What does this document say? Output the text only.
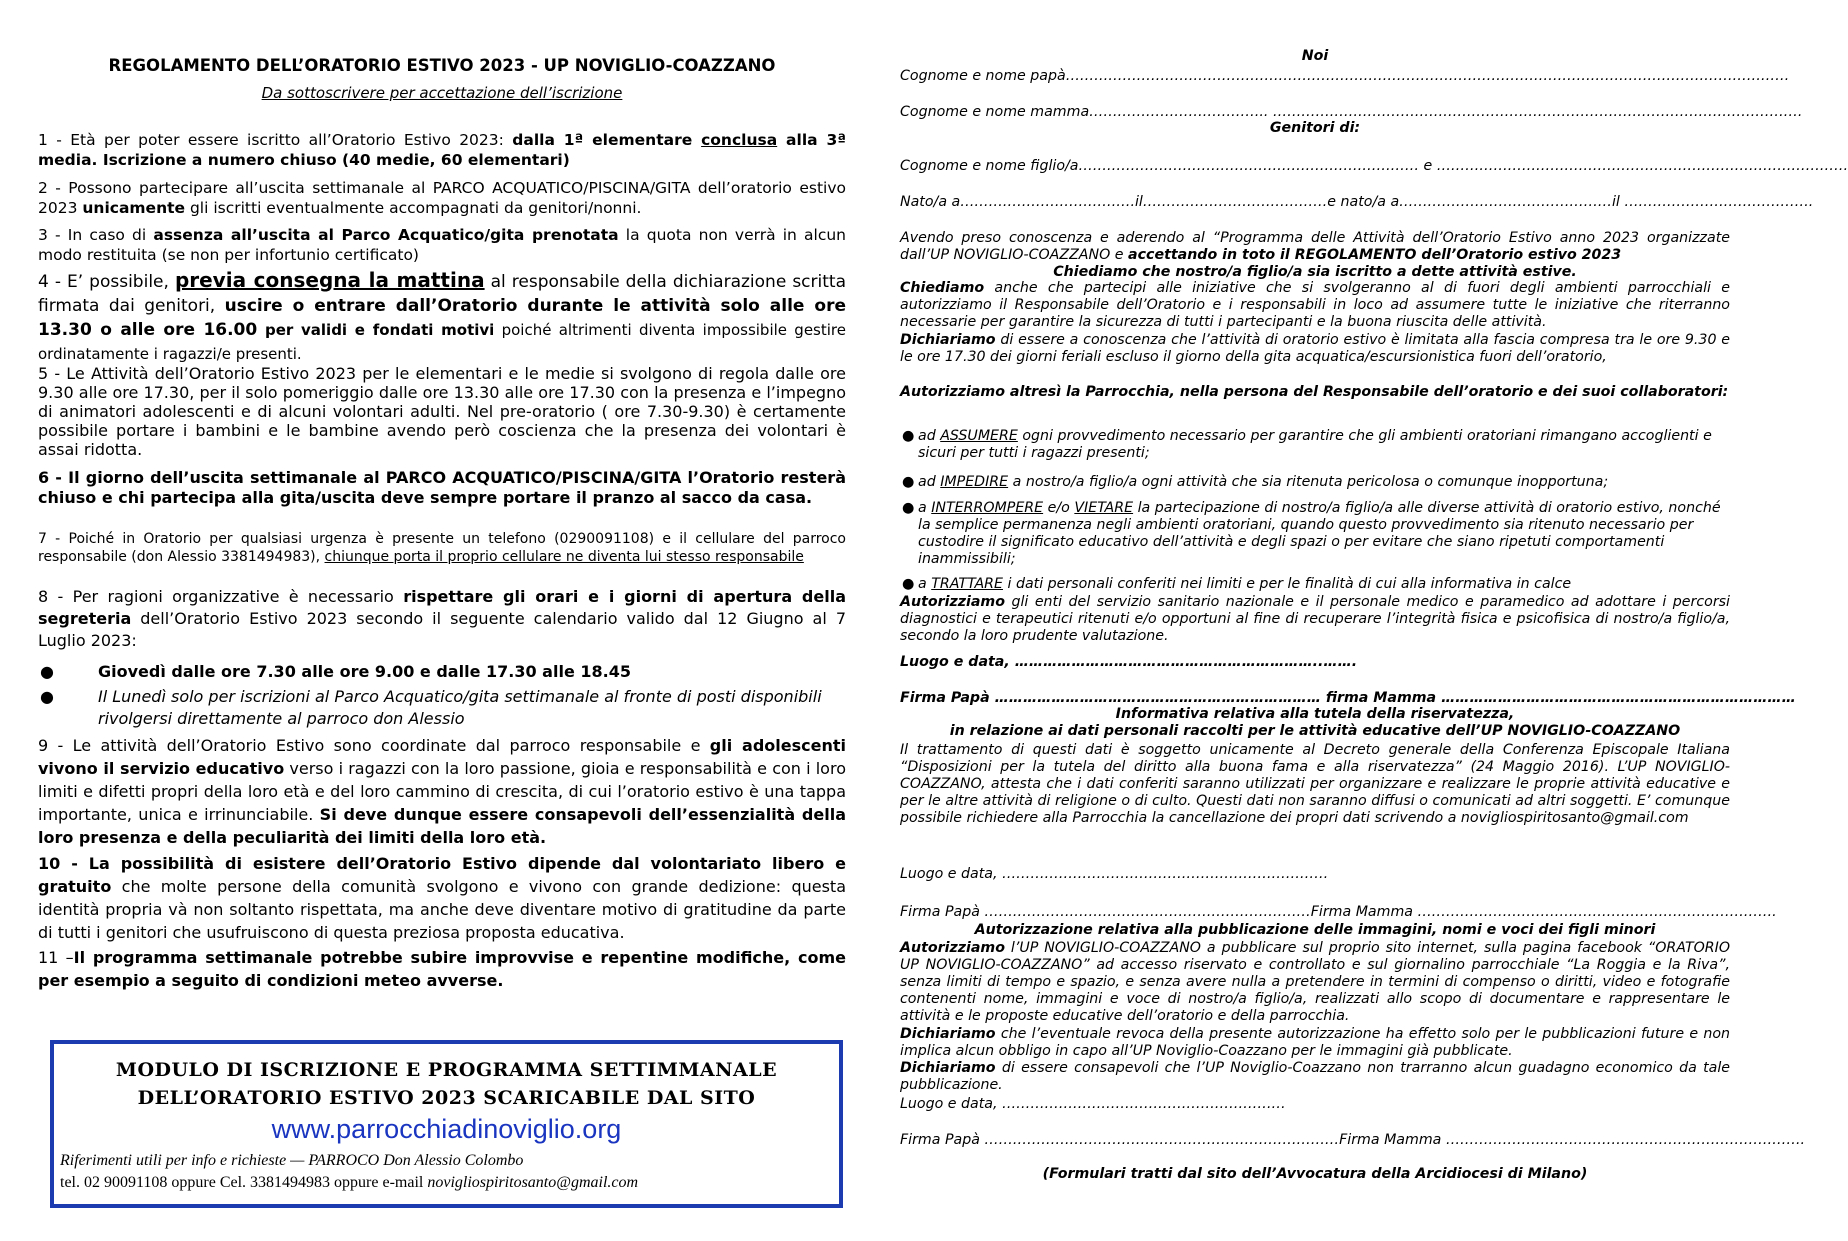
REGOLAMENTO DELL’ORATORIO ESTIVO 2023 - UP NOVIGLIO-COAZZANO
Da sottoscrivere per accettazione dell’iscrizione
1 - Età per poter essere iscritto all’Oratorio Estivo 2023: dalla 1ª elementare conclusa alla 3ª media. Iscrizione a numero chiuso (40 medie, 60 elementari)
2 - Possono partecipare all’uscita settimanale al PARCO ACQUATICO/PISCINA/GITA dell’oratorio estivo 2023 unicamente gli iscritti eventualmente accompagnati da genitori/nonni.
3 - In caso di assenza all’uscita al Parco Acquatico/gita prenotata la quota non verrà in alcun modo restituita (se non per infortunio certificato)
4 - E’ possibile, previa consegna la mattina al responsabile della dichiarazione scritta firmata dai genitori, uscire o entrare dall’Oratorio durante le attività solo alle ore 13.30 o alle ore 16.00 per validi e fondati motivi poiché altrimenti diventa impossibile gestire ordinatamente i ragazzi/e presenti.
5 - Le Attività dell’Oratorio Estivo 2023 per le elementari e le medie si svolgono di regola dalle ore 9.30 alle ore 17.30, per il solo pomeriggio dalle ore 13.30 alle ore 17.30 con la presenza e l’impegno di animatori adolescenti e di alcuni volontari adulti. Nel pre-oratorio ( ore 7.30-9.30) è certamente possibile portare i bambini e le bambine avendo però coscienza che la presenza dei volontari è assai ridotta.
6 - Il giorno dell’uscita settimanale al PARCO ACQUATICO/PISCINA/GITA l’Oratorio resterà chiuso e chi partecipa alla gita/uscita deve sempre portare il pranzo al sacco da casa.
7 - Poiché in Oratorio per qualsiasi urgenza è presente un telefono (0290091108) e il cellulare del parroco responsabile (don Alessio 3381494983), chiunque porta il proprio cellulare ne diventa lui stesso responsabile
8 - Per ragioni organizzative è necessario rispettare gli orari e i giorni di apertura della segreteria dell’Oratorio Estivo 2023 secondo il seguente calendario valido dal 12 Giugno al 7 Luglio 2023:
●	Giovedì dalle ore 7.30 alle ore 9.00 e dalle 17.30 alle 18.45
●	Il Lunedì solo per iscrizioni al Parco Acquatico/gita settimanale al fronte di posti disponibili rivolgersi direttamente al parroco don Alessio
9 - Le attività dell’Oratorio Estivo sono coordinate dal parroco responsabile e gli adolescenti vivono il servizio educativo verso i ragazzi con la loro passione, gioia e responsabilità e con i loro limiti e difetti propri della loro età e del loro cammino di crescita, di cui l’oratorio estivo è una tappa importante, unica e irrinunciabile. Si deve dunque essere consapevoli dell’essenzialità della loro presenza e della peculiarità dei limiti della loro età.
10 - La possibilità di esistere dell’Oratorio Estivo dipende dal volontariato libero e gratuito che molte persone della comunità svolgono e vivono con grande dedizione: questa identità propria và non soltanto rispettata, ma anche deve diventare motivo di gratitudine da parte di tutti i genitori che usufruiscono di questa preziosa proposta educativa.
11 –Il programma settimanale potrebbe subire improvvise e repentine modifiche, come per esempio a seguito di condizioni meteo avverse.
MODULO DI ISCRIZIONE E PROGRAMMA SETTIMMANALE
DELL’ORATORIO ESTIVO 2023 SCARICABILE DAL SITO
www.parrocchiadinoviglio.org
Riferimenti utili per info e richieste — PARROCO Don Alessio Colombo
tel. 02 90091108 oppure Cel. 3381494983 oppure e-mail novigliospiritosanto@gmail.com
Noi
Cognome e nome papà………………………………………………………………………………………………………………………………………
Cognome e nome mamma……………………………….. ………………………………………………………………………………………………….
Genitori di:
Cognome e nome figlio/a……………………………………………………………… e ……………………………………………………………………………
Nato/a a……………………………….il…………………………………e nato/a a………………………………………il ………………………………….
Avendo preso conoscenza e aderendo al “Programma delle Attività dell’Oratorio Estivo anno 2023 organizzate dall’UP NOVIGLIO-COAZZANO e accettando in toto il REGOLAMENTO dell’Oratorio estivo 2023
Chiediamo che nostro/a figlio/a sia iscritto a dette attività estive.
Chiediamo anche che partecipi alle iniziative che si svolgeranno al di fuori degli ambienti parrocchiali e autorizziamo il Responsabile dell’Oratorio e i responsabili in loco ad assumere tutte le iniziative che riterranno necessarie per garantire la sicurezza di tutti i partecipanti e la buona riuscita delle attività.
Dichiariamo di essere a conoscenza che l’attività di oratorio estivo è limitata alla fascia compresa tra le ore 9.30 e le ore 17.30 dei giorni feriali escluso il giorno della gita acquatica/escursionistica fuori dell’oratorio,
Autorizziamo altresì la Parrocchia, nella persona del Responsabile dell’oratorio e dei suoi collaboratori:
● ad ASSUMERE ogni provvedimento necessario per garantire che gli ambienti oratoriani rimangano accoglienti e sicuri per tutti i ragazzi presenti;
● ad IMPEDIRE a nostro/a figlio/a ogni attività che sia ritenuta pericolosa o comunque inopportuna;
● a INTERROMPERE e/o VIETARE la partecipazione di nostro/a figlio/a alle diverse attività di oratorio estivo, nonché la semplice permanenza negli ambienti oratoriani, quando questo provvedimento sia ritenuto necessario per custodire il significato educativo dell’attività e degli spazi o per evitare che siano ripetuti comportamenti inammissibili;
● a TRATTARE i dati personali conferiti nei limiti e per le finalità di cui alla informativa in calce
Autorizziamo gli enti del servizio sanitario nazionale e il personale medico e paramedico ad adottare i percorsi diagnostici e terapeutici ritenuti e/o opportuni al fine di recuperare l’integrità fisica e psicofisica di nostro/a figlio/a, secondo la loro prudente valutazione.
Luogo e data, ………………………………………………………..…….
Firma Papà …………………………………………………………… firma Mamma …………………………………………………………………
Informativa relativa alla tutela della riservatezza,
in relazione ai dati personali raccolti per le attività educative dell’UP NOVIGLIO-COAZZANO
Il trattamento di questi dati è soggetto unicamente al Decreto generale della Conferenza Episcopale Italiana “Disposizioni per la tutela del diritto alla buona fama e alla riservatezza” (24 Maggio 2016). L’UP NOVIGLIO-COAZZANO, attesta che i dati conferiti saranno utilizzati per organizzare e realizzare le proprie attività educative e per le altre attività di religione o di culto. Questi dati non saranno diffusi o comunicati ad altri soggetti. E’ comunque possibile richiedere alla Parrocchia la cancellazione dei propri dati scrivendo a novigliospiritosanto@gmail.com
Luogo e data, ……………………………………………………………
Firma Papà ……………………………………………………………Firma Mamma ………………………………………………………………….
Autorizzazione relativa alla pubblicazione delle immagini, nomi e voci dei figli minori
Autorizziamo l’UP NOVIGLIO-COAZZANO a pubblicare sul proprio sito internet, sulla pagina facebook “ORATORIO UP NOVIGLIO-COAZZANO” ad accesso riservato e controllato e sul giornalino parrocchiale “La Roggia e la Riva”, senza limiti di tempo e spazio, e senza avere nulla a pretendere in termini di compenso o diritti, video e fotografie contenenti nome, immagini e voce di nostro/a figlio/a, realizzati allo scopo di documentare e rappresentare le attività e le proposte educative dell’oratorio e della parrocchia.
Dichiariamo che l’eventuale revoca della presente autorizzazione ha effetto solo per le pubblicazioni future e non implica alcun obbligo in capo all’UP Noviglio-Coazzano per le immagini già pubblicate.
Dichiariamo di essere consapevoli che l’UP Noviglio-Coazzano non trarranno alcun guadagno economico da tale pubblicazione.
Luogo e data, ……………………………………………………
Firma Papà …………………………………………………………………Firma Mamma ………………………………………………………………….
(Formulari tratti dal sito dell’Avvocatura della Arcidiocesi di Milano)
